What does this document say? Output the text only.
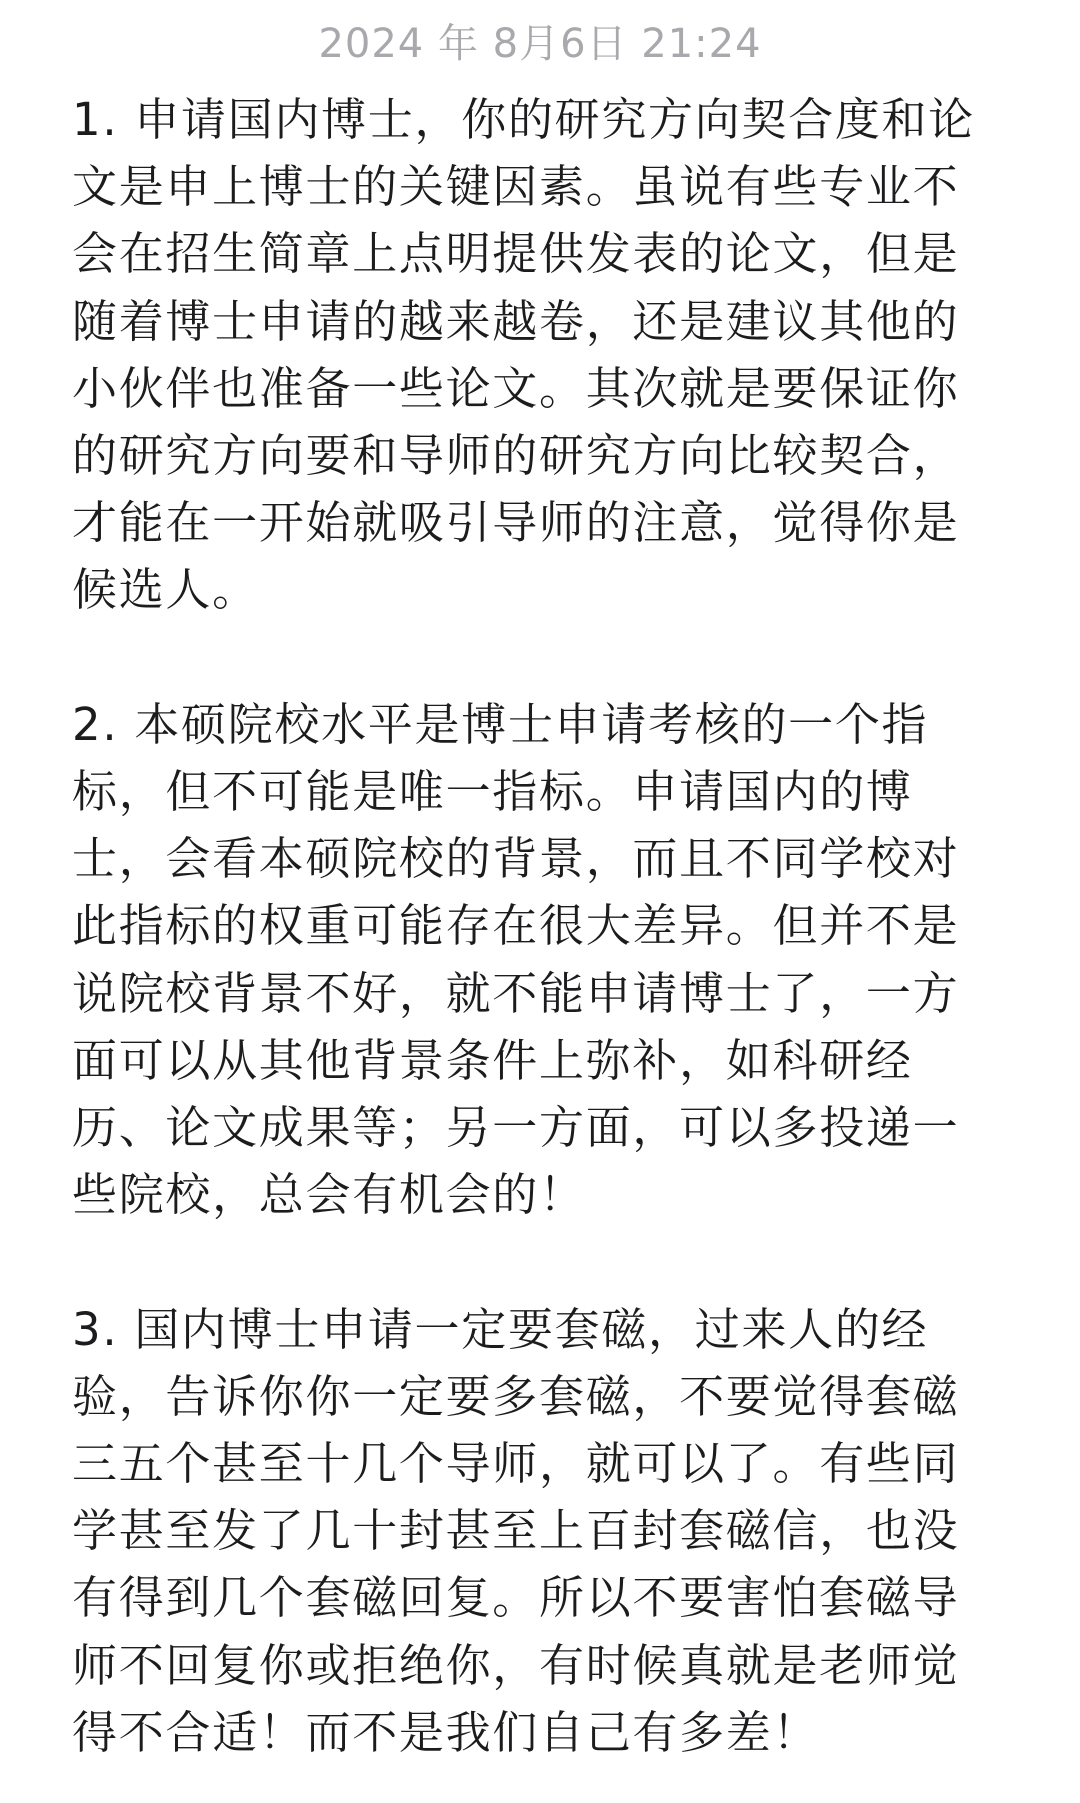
2024 年 8月6日 21:24

1. 申请国内博士，你的研究方向契合度和论文是申上博士的关键因素。虽说有些专业不会在招生简章上点明提供发表的论文，但是随着博士申请的越来越卷，还是建议其他的小伙伴也准备一些论文。其次就是要保证你的研究方向要和导师的研究方向比较契合，才能在一开始就吸引导师的注意，觉得你是候选人。

2. 本硕院校水平是博士申请考核的一个指标，但不可能是唯一指标。申请国内的博士，会看本硕院校的背景，而且不同学校对此指标的权重可能存在很大差异。但并不是说院校背景不好，就不能申请博士了，一方面可以从其他背景条件上弥补，如科研经历、论文成果等；另一方面，可以多投递一些院校，总会有机会的！

3. 国内博士申请一定要套磁，过来人的经验，告诉你你一定要多套磁，不要觉得套磁三五个甚至十几个导师，就可以了。有些同学甚至发了几十封甚至上百封套磁信，也没有得到几个套磁回复。所以不要害怕套磁导师不回复你或拒绝你，有时候真就是老师觉得不合适！而不是我们自己有多差！
